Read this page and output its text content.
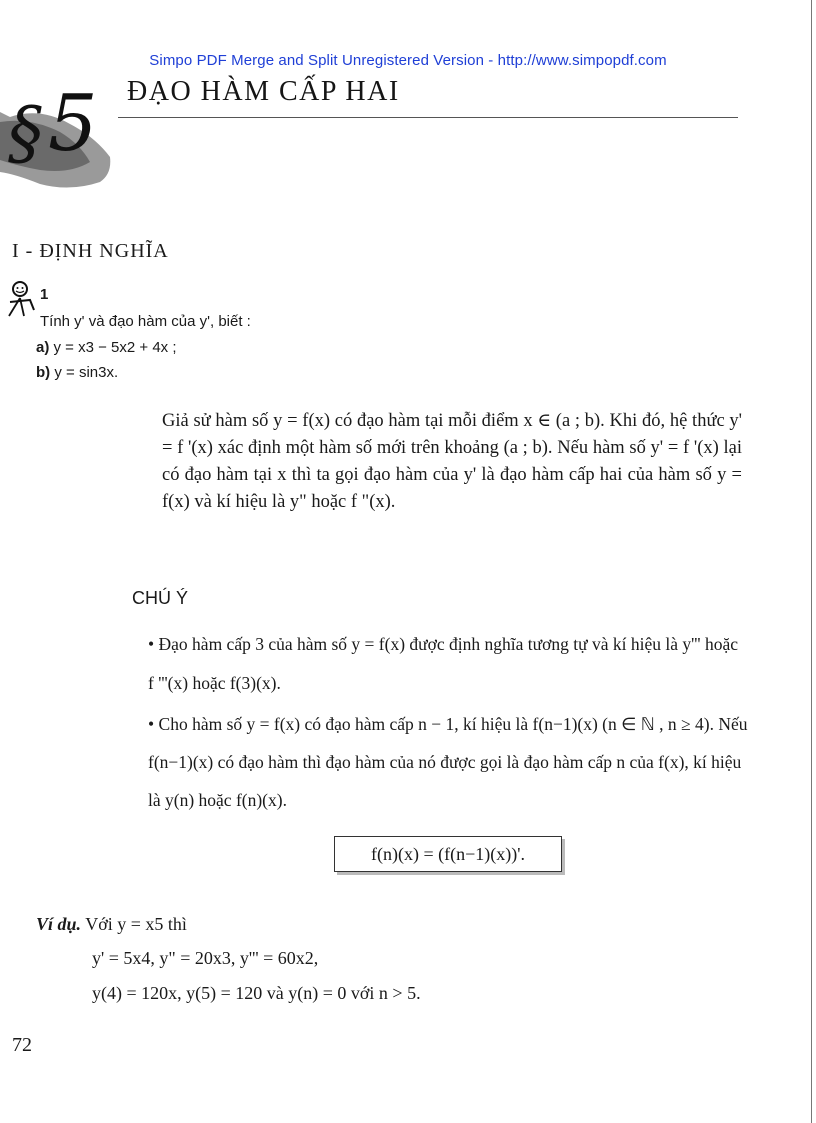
Simpo PDF Merge and Split Unregistered Version - http://www.simpopdf.com
§ 5 ĐẠO HÀM CẤP HAI
I - ĐỊNH NGHĨA
1
Tính y' và đạo hàm của y', biết :
a) y = x3 − 5x2 + 4x ;
b) y = sin3x.

Giả sử hàm số y = f(x) có đạo hàm tại mỗi điểm x ∈ (a ; b). Khi đó, hệ thức y' = f '(x) xác định một hàm số mới trên khoảng (a ; b). Nếu hàm số y' = f '(x) lại có đạo hàm tại x thì ta gọi đạo hàm của y' là đạo hàm cấp hai của hàm số y = f(x) và kí hiệu là y" hoặc f "(x).

CHÚ Ý
• Đạo hàm cấp 3 của hàm số y = f(x) được định nghĩa tương tự và kí hiệu là y''' hoặc f '''(x) hoặc f(3)(x).
• Cho hàm số y = f(x) có đạo hàm cấp n − 1, kí hiệu là f(n−1)(x) (n ∈ ℕ , n ≥ 4). Nếu f(n−1)(x) có đạo hàm thì đạo hàm của nó được gọi là đạo hàm cấp n của f(x), kí hiệu là y(n) hoặc f(n)(x).
f(n)(x) = (f(n−1)(x))'.
Ví dụ. Với y = x5 thì
y' = 5x4, y" = 20x3, y''' = 60x2,
y(4) = 120x, y(5) = 120 và y(n) = 0 với n > 5.
72
